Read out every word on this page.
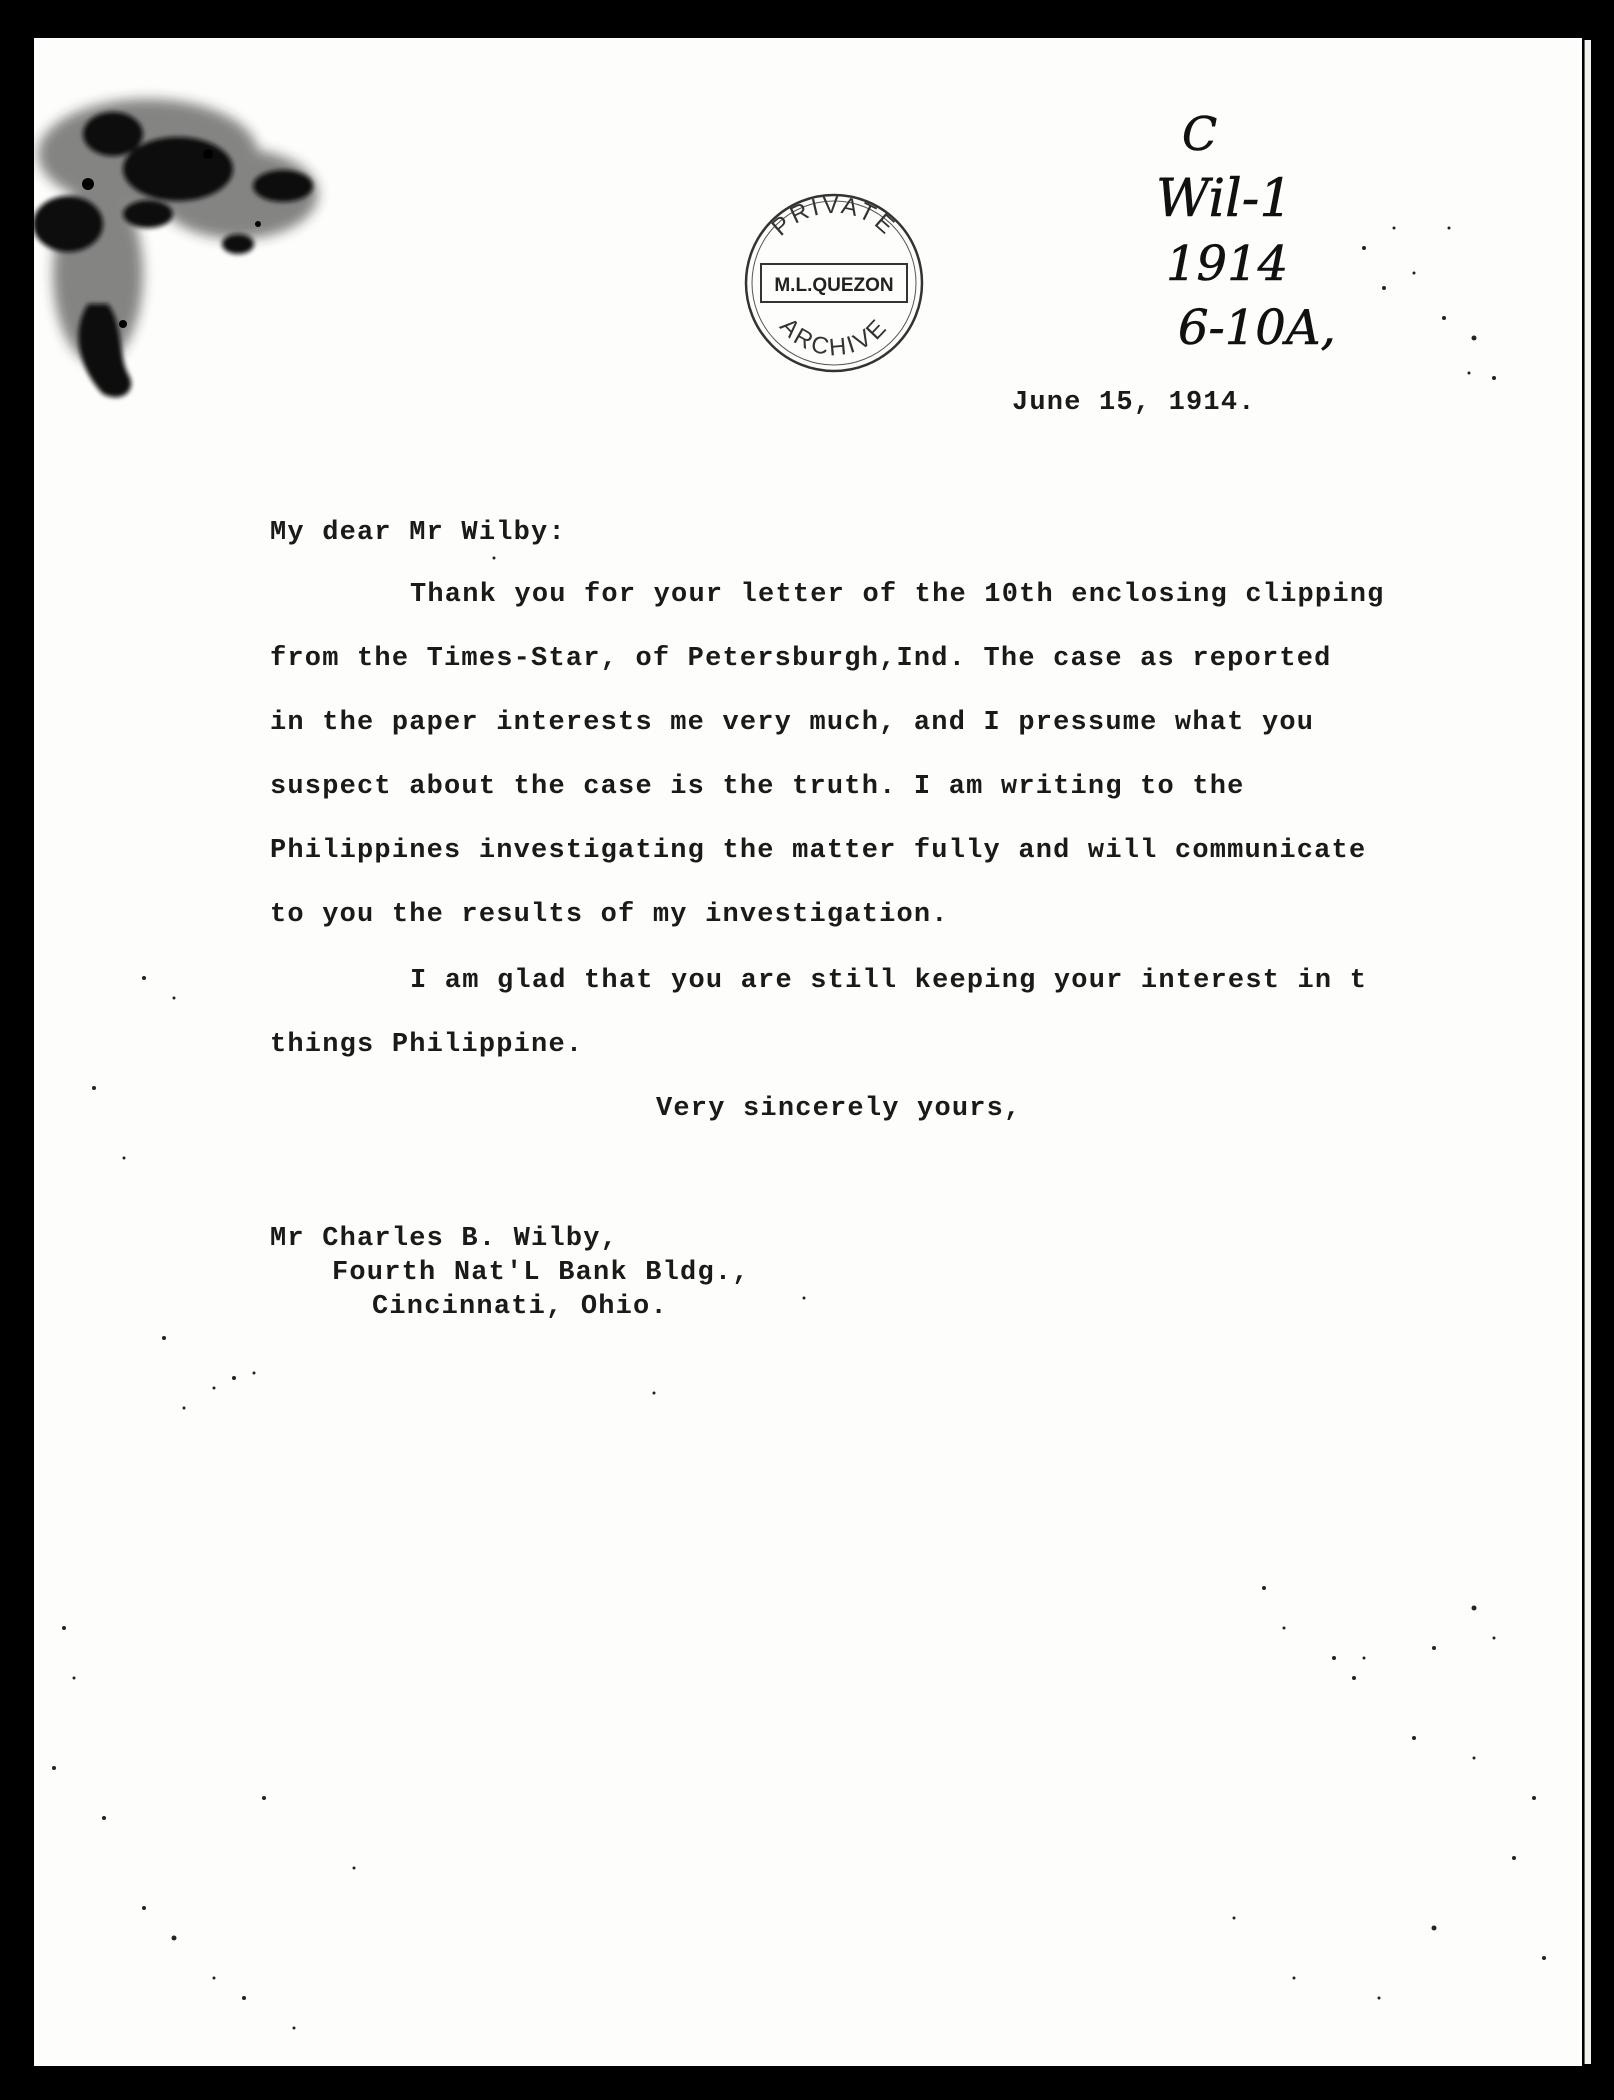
PRIVATE
M.L.QUEZON
ARCHIVE
C
Wil-1
1914
6-10A,
June 15, 1914.
My dear Mr Wilby:
Thank you for your letter of the 10th enclosing clipping
from the Times-Star, of Petersburgh,Ind. The case as reported
in the paper interests me very much, and I pressume what you
suspect about the case is the truth. I am writing to the
Philippines investigating the matter fully and will communicate
to you the results of my investigation.
I am glad that you are still keeping your interest in t
things Philippine.
Very sincerely yours,
Mr Charles B. Wilby,
Fourth Nat'L Bank Bldg.,
Cincinnati, Ohio.
